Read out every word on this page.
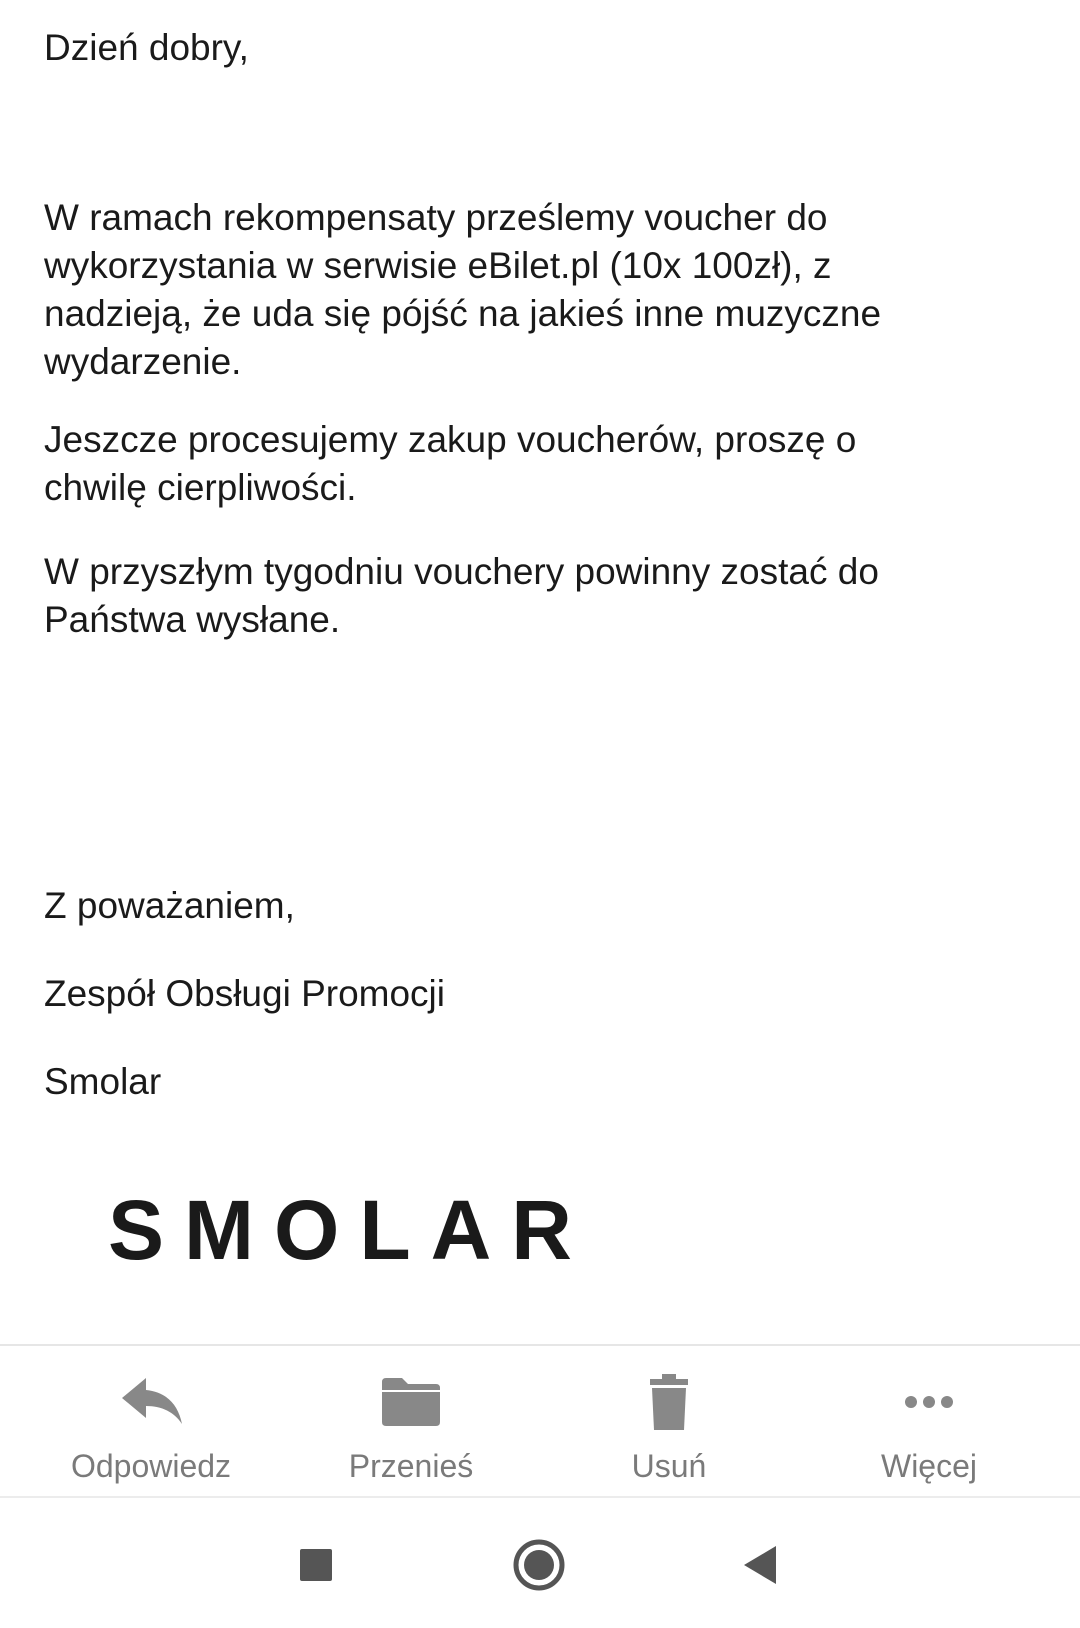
Dzień dobry,

W ramach rekompensaty prześlemy voucher do
wykorzystania w serwisie eBilet.pl (10x 100zł), z
nadzieją, że uda się pójść na jakieś inne muzyczne
wydarzenie.
Jeszcze procesujemy zakup voucherów, proszę o
chwilę cierpliwości.
W przyszłym tygodniu vouchery powinny zostać do
Państwa wysłane.

Z poważaniem,

Zespół Obsługi Promocji

Smolar

SMOLAR
Odpowiedz	Przenieś	Usuń	Więcej
